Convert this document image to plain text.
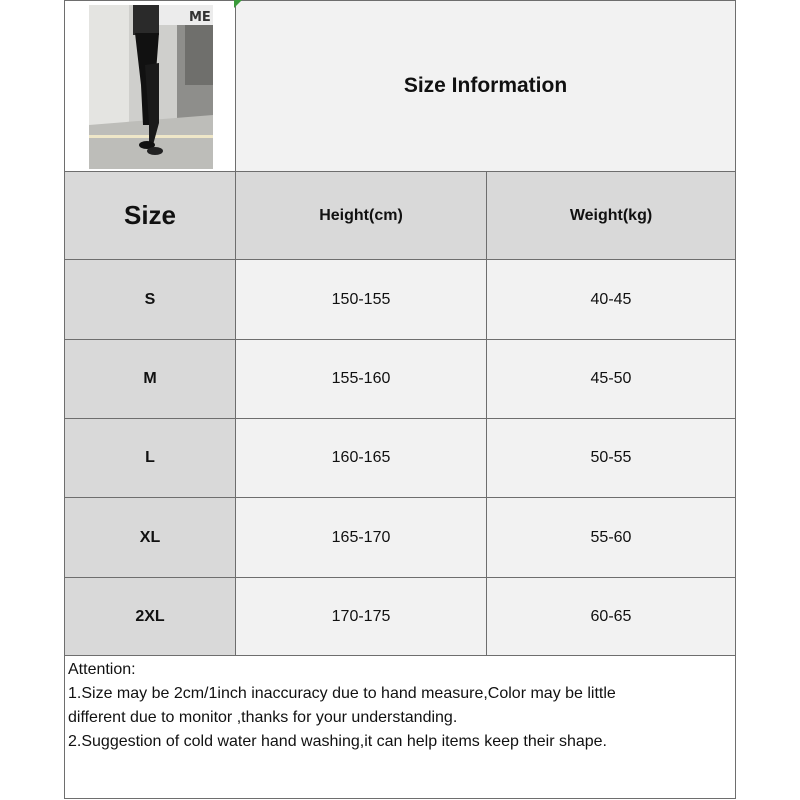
ME
Size Information
Size	Height(cm)	Weight(kg)
S	150-155	40-45
M	155-160	45-50
L	160-165	50-55
XL	165-170	55-60
2XL	170-175	60-65
Attention:
1.Size may be 2cm/1inch inaccuracy due to hand measure,Color may be little
different due to monitor ,thanks for your understanding.
2.Suggestion of cold water hand washing,it can help items keep their shape.
